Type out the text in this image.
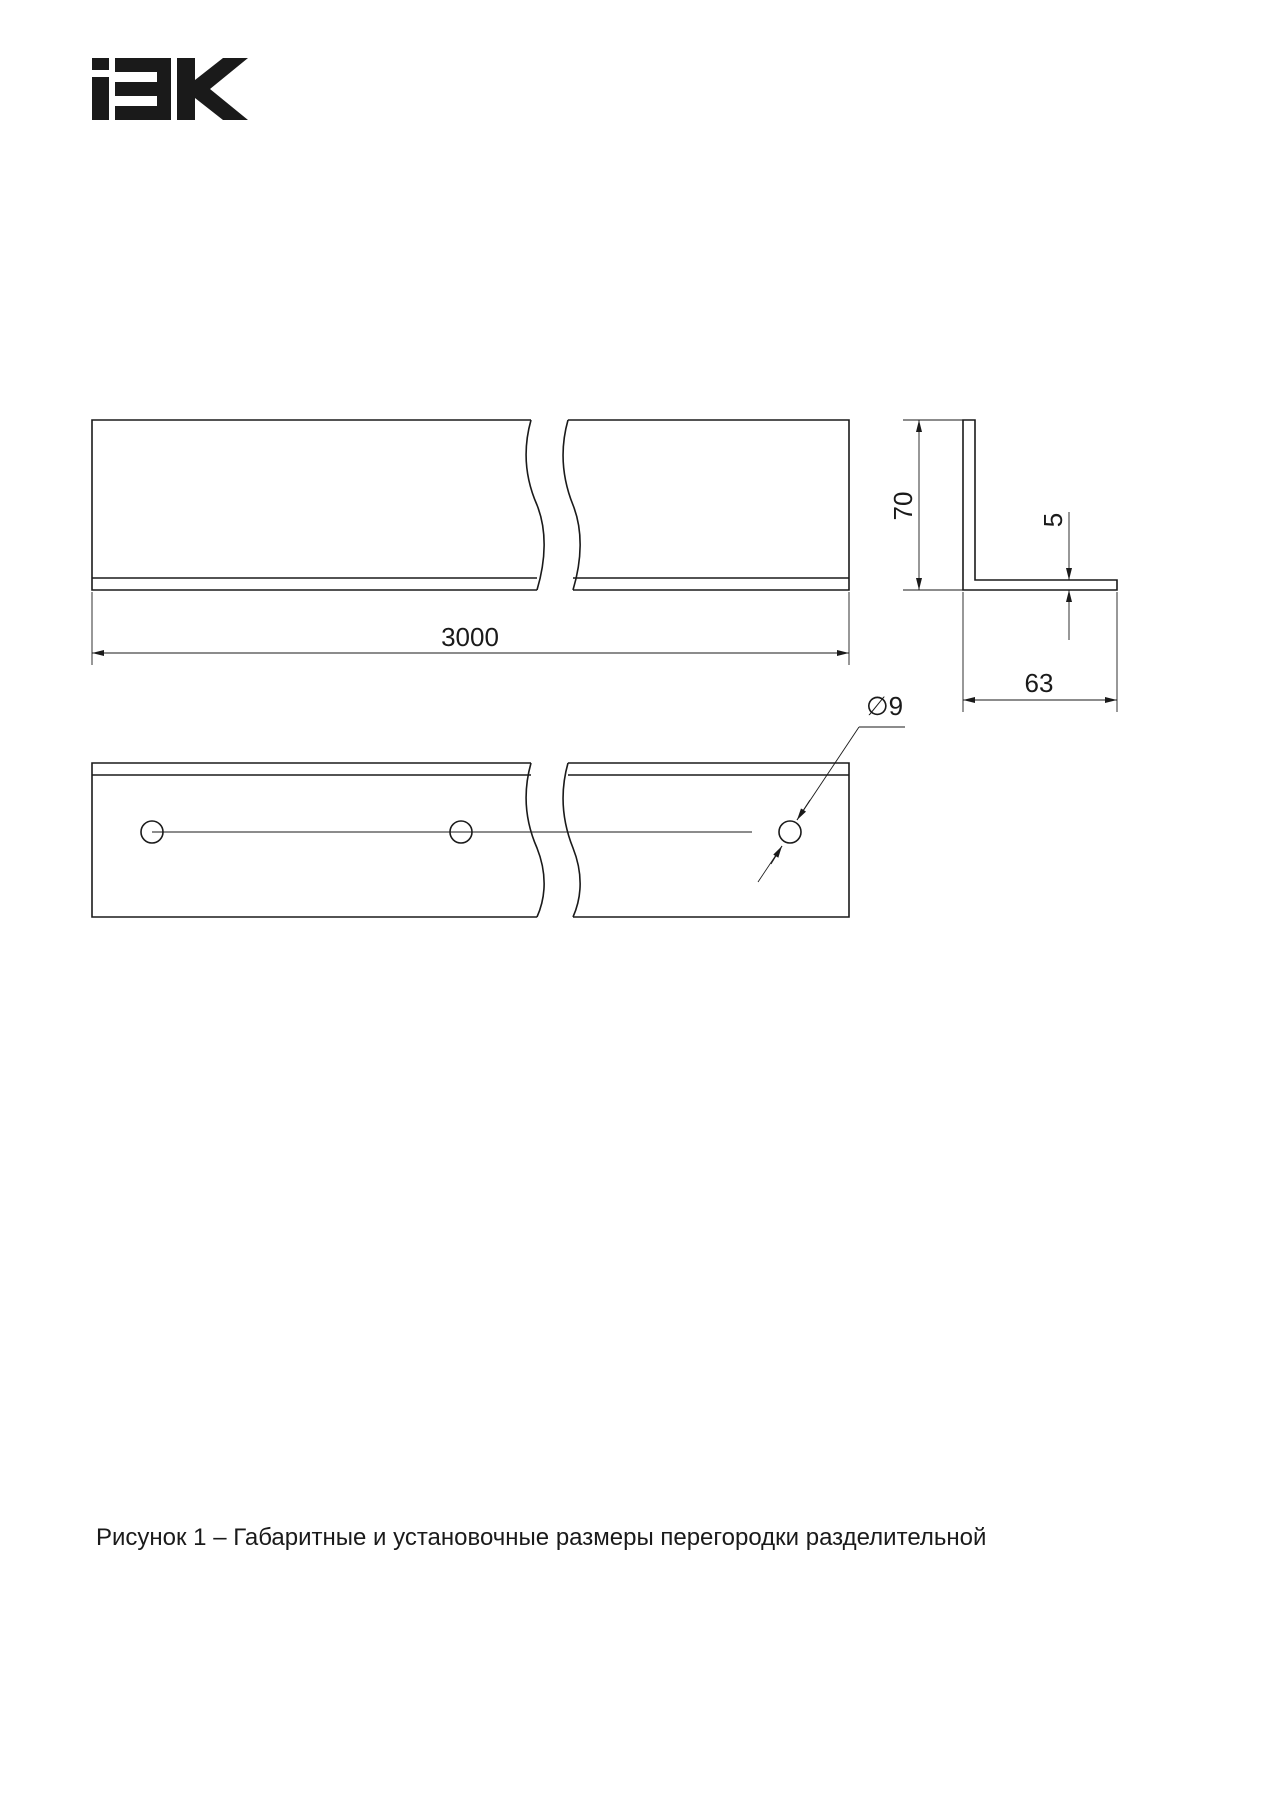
3000
70	5
63
∅9
Рисунок 1 – Габаритные и установочные размеры перегородки разделительной
